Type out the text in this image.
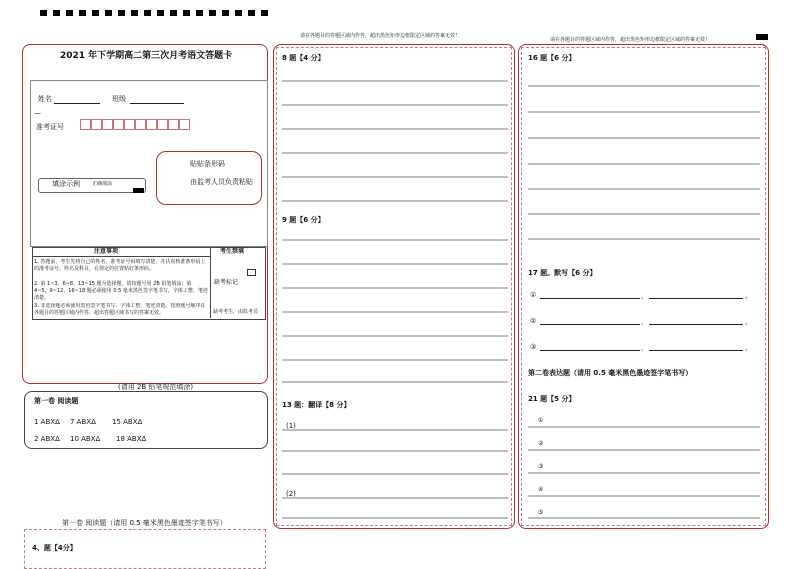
请在各题目的答题区域内作答，超出黑色矩形边框限定区域的答案无效！
请在各题目的答题区域内作答，超出黑色矩形边框限定区域的答案无效！
2021 年下学期高二第三次月考语文答题卡
姓名	班级
—
准考证号
贴贴条形码
由监考人员负责粘贴
填涂示例 正确填涂
注意事项
1. 答题前，考生先将自己的姓名、准考证号码填写清楚，并认真核准条形码上的准考证号、姓名及科目，在规定的位置贴好条形码。
2. 第 1~3、6~8、13~15 题为选择题，请按题号用 2B 铅笔填涂；第 4~5、9~12、16~18 题必须使用 0.5 毫米黑色签字笔书写，字体工整、笔迹清楚。
3. 非选择题必须使用黑色签字笔书写，字体工整、笔迹清楚。按照题号顺序在各题目的答题区域内作答，超出答题区域书写的答案无效。
考生禁填
缺考标记
缺考考生，由监考员
(请用 2B 铅笔规范填涂)
第一卷 阅读题
1 ABXΔ 7 ABXΔ 15 ABXΔ
2 ABXΔ 10 ABXΔ 18 ABXΔ
第一卷 阅读题（请用 0.5 毫米黑色墨迹签字笔书写）
4、题【4分】
8 题【4 分】
9 题【6 分】
13 题：翻译【8 分】
(1)
(2)
16 题【6 分】
17 题。默写【6 分】
①	，	。
②	，	。
③	，	。
第二卷表达题（请用 0.5 毫米黑色墨迹签字笔书写）
21 题【5 分】
①
②
③
④
⑤
